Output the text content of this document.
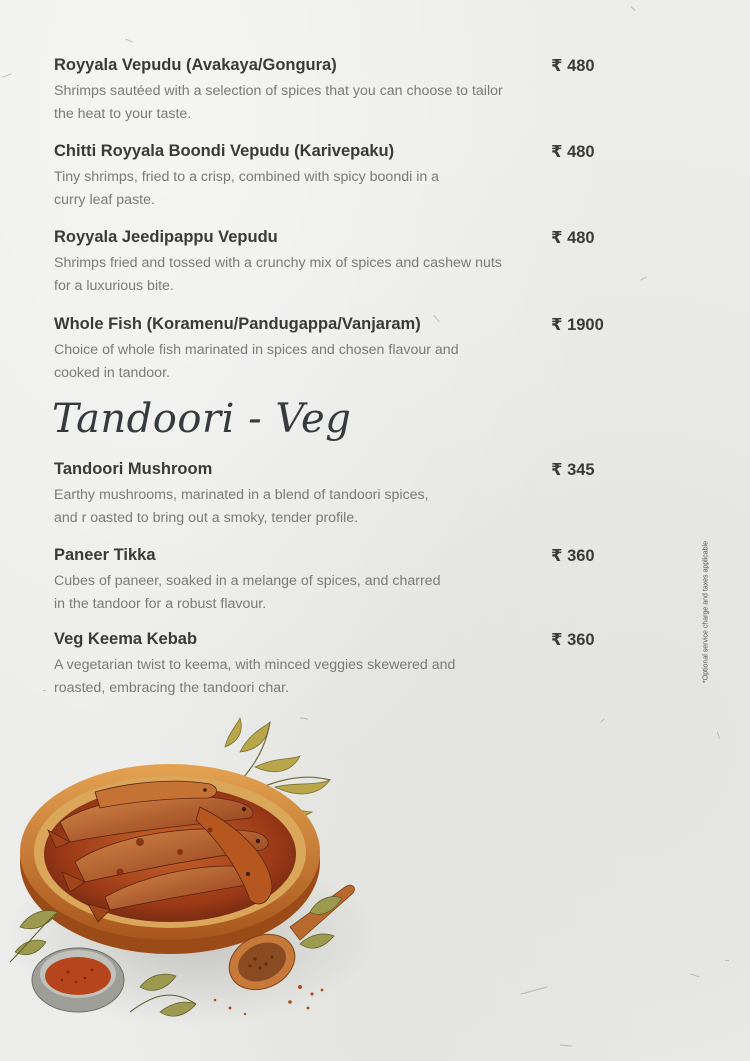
Royyala Vepudu (Avakaya/Gongura)	₹ 480
Shrimps sautéed with a selection of spices that you can choose to tailor
the heat to your taste.
Chitti Royyala Boondi Vepudu (Karivepaku)	₹ 480
Tiny shrimps, fried to a crisp, combined with spicy boondi in a
curry leaf paste.
Royyala Jeedipappu Vepudu	₹ 480
Shrimps fried and tossed with a crunchy mix of spices and cashew nuts
for a luxurious bite.
Whole Fish (Koramenu/Pandugappa/Vanjaram)	₹ 1900
Choice of whole fish marinated in spices and chosen flavour and
cooked in tandoor.
Tandoori - Veg
Tandoori Mushroom	₹ 345
Earthy mushrooms, marinated in a blend of tandoori spices,
and r oasted to bring out a smoky, tender profile.
Paneer Tikka	₹ 360
Cubes of paneer, soaked in a melange of spices, and charred
in the tandoor for a robust flavour.
Veg Keema Kebab	₹ 360
A vegetarian twist to keema, with minced veggies skewered and
roasted, embracing the tandoori char.
*Optional service charge and taxes applicable
